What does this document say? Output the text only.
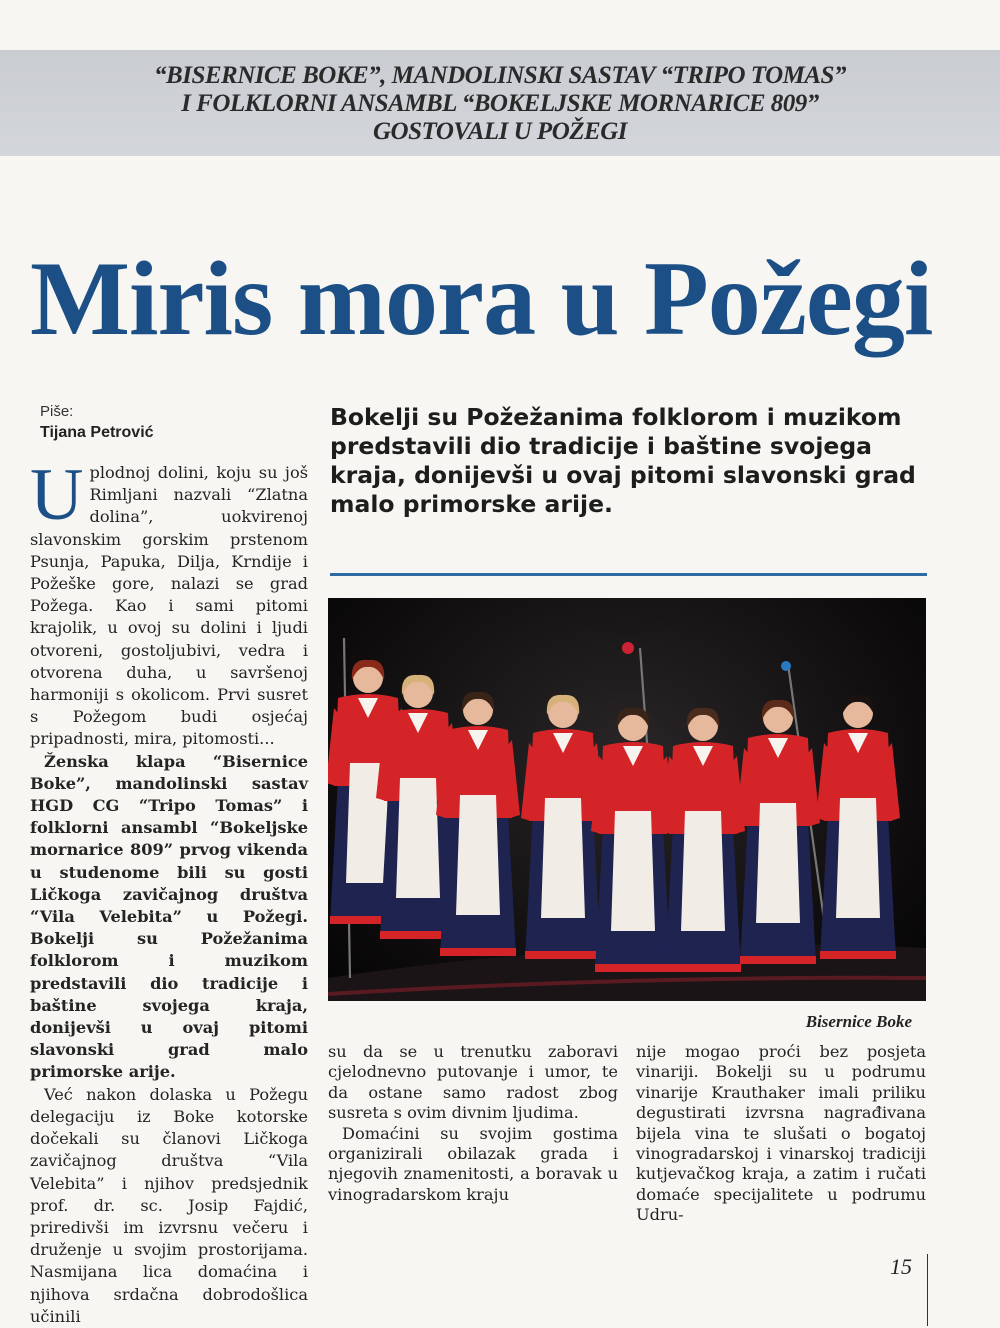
“BISERNICE BOKE”, MANDOLINSKI SASTAV “TRIPO TOMAS”
I FOLKLORNI ANSAMBL “BOKELJSKE MORNARICE 809”
GOSTOVALI U POŽEGI
Miris mora u Požegi
Piše:
Tijana Petrović

Bokelji su Požežanima folklorom i muzikom predstavili dio tradicije i baštine svojega kraja, donijevši u ovaj pitomi slavonski grad malo primorske arije.

Uplodnoj dolini, koju su još Rimljani nazvali “Zlatna dolina”, uokvirenoj slavonskim gorskim prstenom Psunja, Papuka, Dilja, Krndije i Požeške gore, nalazi se grad Požega. Kao i sami pitomi krajolik, u ovoj su dolini i ljudi otvoreni, gostoljubivi, vedra i otvorena duha, u savršenoj harmoniji s okolicom. Prvi susret s Požegom budi osjećaj pripadnosti, mira, pitomosti...

Ženska klapa “Bisernice Boke”, mandolinski sastav HGD CG “Tripo Tomas” i folklorni ansambl “Bokeljske mornarice 809” prvog vikenda u studenome bili su gosti Ličkoga zavičajnog društva “Vila Velebita” u Požegi. Bokelji su Požežanima folklorom i muzikom predstavili dio tradicije i baštine svojega kraja, donijevši u ovaj pitomi slavonski grad malo primorske arije.

Već nakon dolaska u Požegu delegaciju iz Boke kotorske dočekali su članovi Ličkoga zavičajnog društva “Vila Velebita” i njihov predsjednik prof. dr. sc. Josip Fajdić, priredivši im izvrsnu večeru i druženje u svojim prostorijama. Nasmijana lica domaćina i njihova srdačna dobrodošlica učinili

Bisernice Boke

su da se u trenutku zaboravi cjelodnevno putovanje i umor, te da ostane samo radost zbog susreta s ovim divnim ljudima.

Domaćini su svojim gostima organizirali obilazak grada i njegovih znamenitosti, a boravak u vinogradarskom kraju

nije mogao proći bez posjeta vinariji. Bokelji su u podrumu vinarije Krauthaker imali priliku degustirati izvrsna nagrađivana bijela vina te slušati o bogatoj vinogradarskoj i vinarskoj tradiciji kutjevačkog kraja, a zatim i ručati domaće specijalitete u podrumu Udru-

15
